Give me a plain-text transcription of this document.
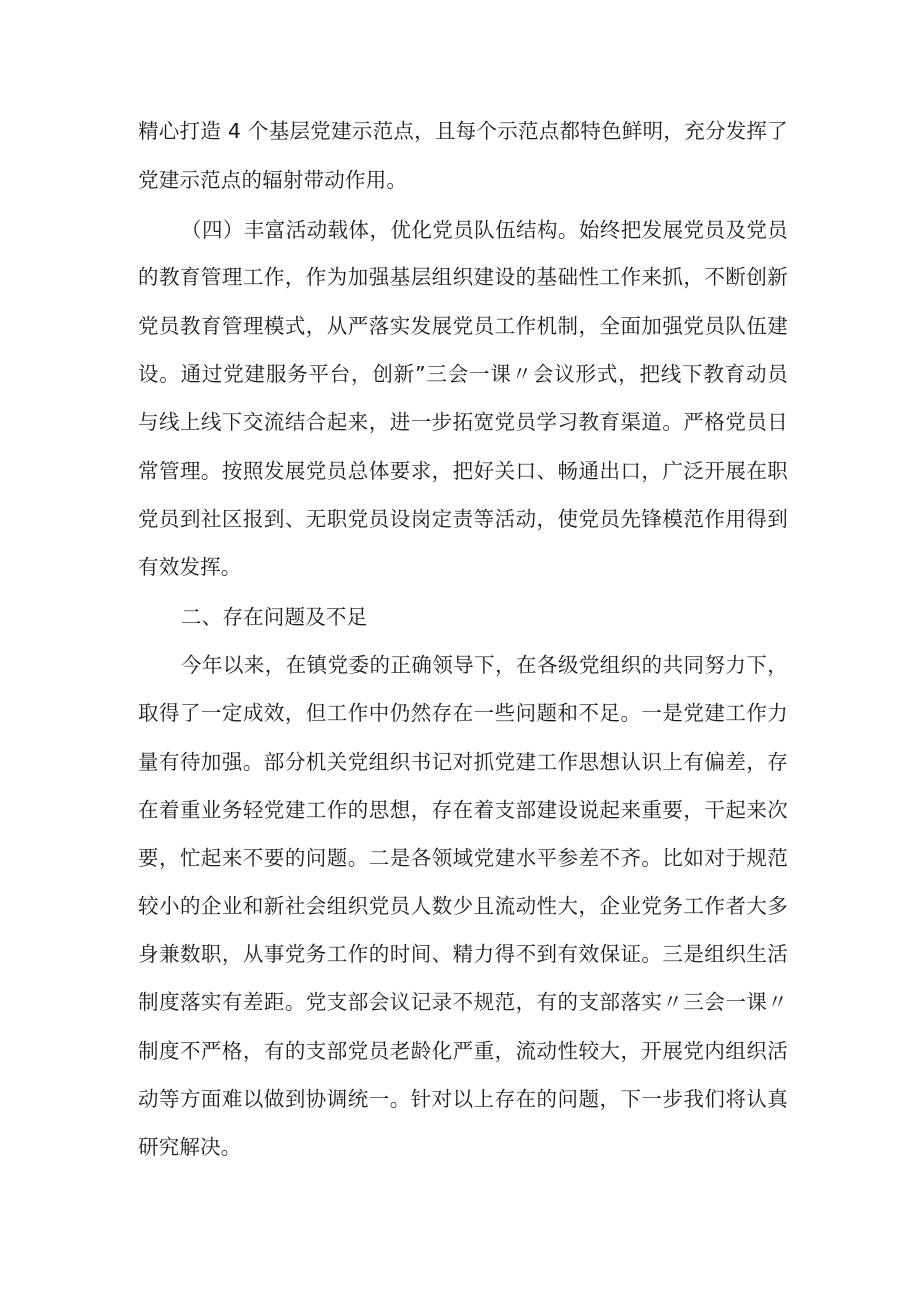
精心打造 4 个基层党建示范点，且每个示范点都特色鲜明，充分发挥了
党建示范点的辐射带动作用。
（四）丰富活动载体，优化党员队伍结构。始终把发展党员及党员
的教育管理工作，作为加强基层组织建设的基础性工作来抓，不断创新
党员教育管理模式，从严落实发展党员工作机制，全面加强党员队伍建
设。通过党建服务平台，创新”三会一课〃会议形式，把线下教育动员
与线上线下交流结合起来，进一步拓宽党员学习教育渠道。严格党员日
常管理。按照发展党员总体要求，把好关口、畅通出口，广泛开展在职
党员到社区报到、无职党员设岗定责等活动，使党员先锋模范作用得到
有效发挥。
二、存在问题及不足
今年以来，在镇党委的正确领导下，在各级党组织的共同努力下，
取得了一定成效，但工作中仍然存在一些问题和不足。一是党建工作力
量有待加强。部分机关党组织书记对抓党建工作思想认识上有偏差，存
在着重业务轻党建工作的思想，存在着支部建设说起来重要，干起来次
要，忙起来不要的问题。二是各领域党建水平参差不齐。比如对于规范
较小的企业和新社会组织党员人数少且流动性大，企业党务工作者大多
身兼数职，从事党务工作的时间、精力得不到有效保证。三是组织生活
制度落实有差距。党支部会议记录不规范，有的支部落实〃三会一课〃
制度不严格，有的支部党员老龄化严重，流动性较大，开展党内组织活
动等方面难以做到协调统一。针对以上存在的问题，下一步我们将认真
研究解决。
